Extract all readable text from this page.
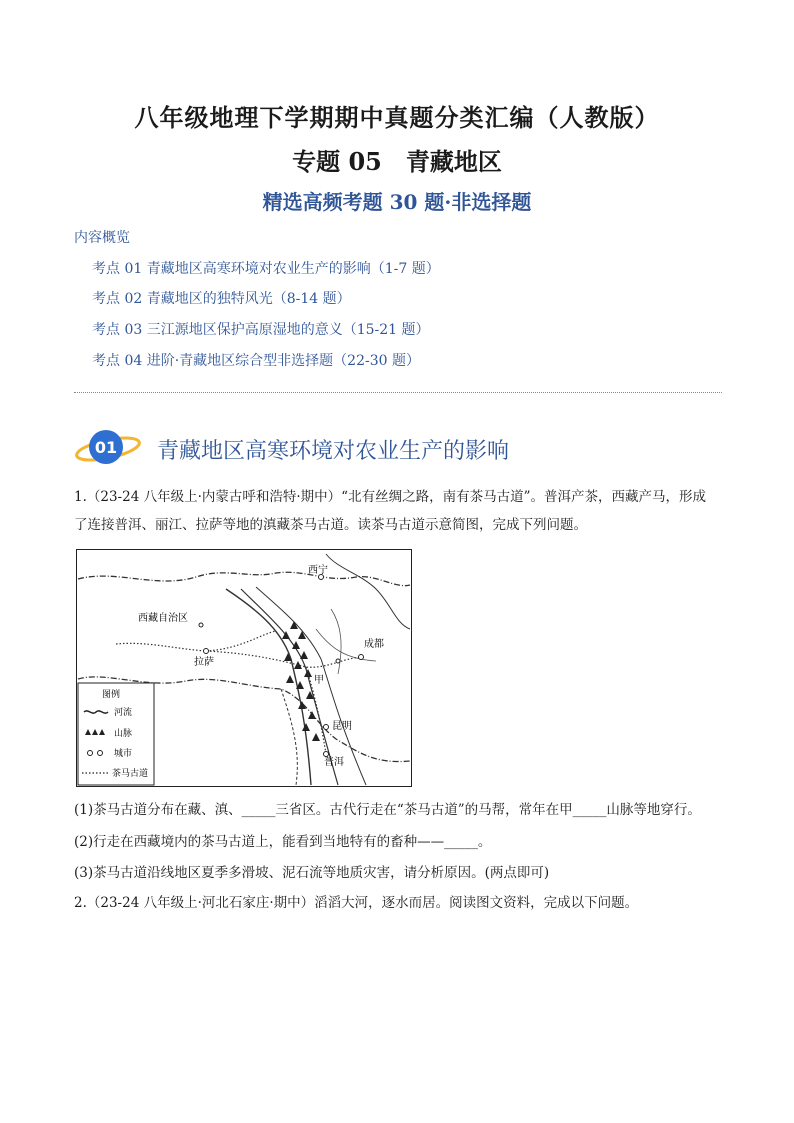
八年级地理下学期期中真题分类汇编（人教版）
专题 05　青藏地区
精选高频考题 30 题·非选择题
内容概览
考点 01 青藏地区高寒环境对农业生产的影响（1-7 题）
考点 02 青藏地区的独特风光（8-14 题）
考点 03 三江源地区保护高原湿地的意义（15-21 题）
考点 04 进阶·青藏地区综合型非选择题（22-30 题）
01 青藏地区高寒环境对农业生产的影响
1.（23-24 八年级上·内蒙古呼和浩特·期中）“北有丝绸之路，南有茶马古道”。普洱产茶，西藏产马，形成
了连接普洱、丽江、拉萨等地的滇藏茶马古道。读茶马古道示意简图，完成下列问题。
西宁
西藏自治区
拉萨
成都
甲
昆明
普洱
图例
河流
山脉
城市
茶马古道
(1)茶马古道分布在藏、滇、_____三省区。古代行走在“茶马古道”的马帮，常年在甲_____山脉等地穿行。
(2)行走在西藏境内的茶马古道上，能看到当地特有的畜种——_____。
(3)茶马古道沿线地区夏季多滑坡、泥石流等地质灾害，请分析原因。(两点即可)
2.（23-24 八年级上·河北石家庄·期中）滔滔大河，逐水而居。阅读图文资料，完成以下问题。
